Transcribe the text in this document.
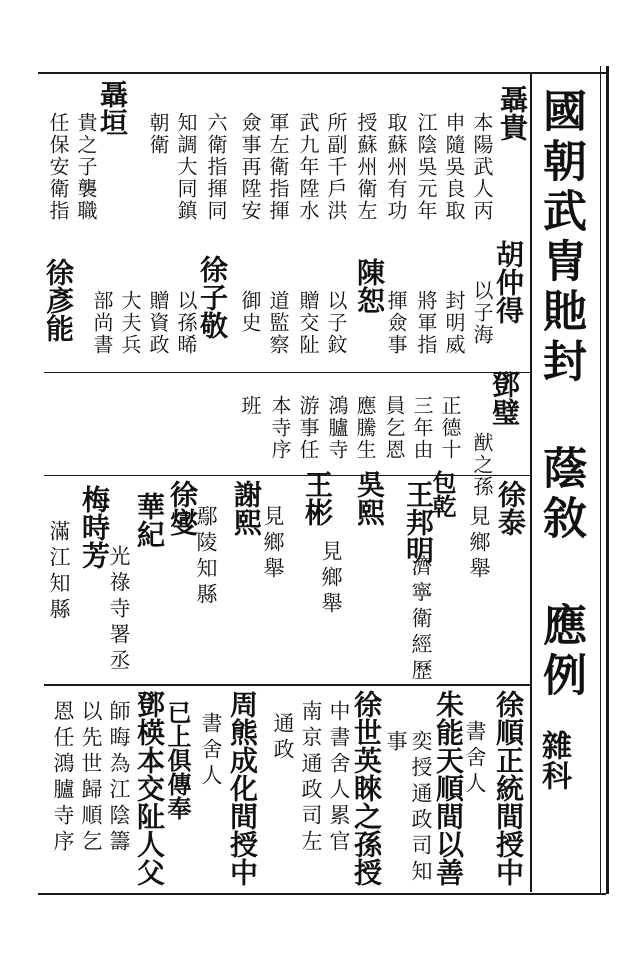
國朝武冑貤封 蔭敘 應例
雜科
徐順正統間授中
書舍人
朱能天順間以善
奕授通政司知
事
徐世英睞之孫授
中書舍人累官
南京通政司左
通政
周熊成化間授中
書舍人
鄧楧本交阯人父
師晦為江陰籌
以先世歸順乞
恩任鴻臚寺序	已上俱傳奉
徐泰
見鄉舉
王邦明
濟寧衛經歷
吳熙
王彬
見鄉舉
謝熙
見鄉舉
徐燮
鄢陵知縣
華紀
光祿寺署丞
梅時芳
滿江知縣
鄧璧
猷之孫
正德十
三年由
員乞恩
應騰生
鴻臚寺
包乾
游事任
本寺序
班
胡仲得
以子海
封明威
將軍指
揮僉事
陳恕
以子鈫
贈交阯
道監察
御史
徐子敬
以孫晞
贈資政
大夫兵
部尚書
聶貴
本陽武人丙
申隨吳良取
江陰吳元年
取蘇州有功
授蘇州衛左
所副千戶洪
武九年陞水
軍左衛指揮
僉事再陞安
六衛指揮同
知調大同鎮
朝衛
聶垣
貴之子襲職
任保安衛指
徐彥能
